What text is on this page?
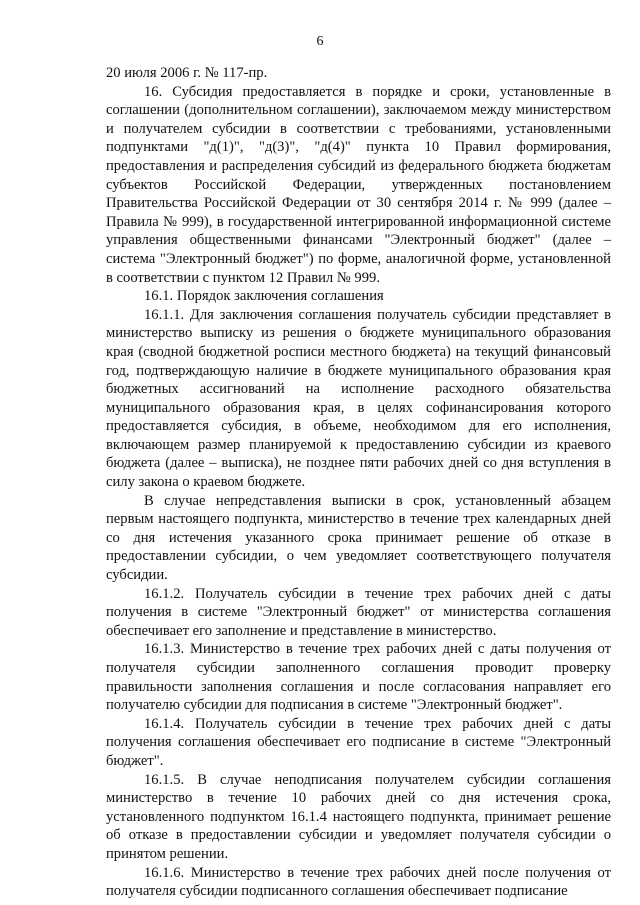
6

20 июля 2006 г. № 117-пр.

16. Субсидия предоставляется в порядке и сроки, установленные в соглашении (дополнительном соглашении), заключаемом между министерством и получателем субсидии в соответствии с требованиями, установленными подпунктами "д(1)", "д(3)", "д(4)" пункта 10 Правил формирования, предоставления и распределения субсидий из федерального бюджета бюджетам субъектов Российской Федерации, утвержденных постановлением Правительства Российской Федерации от 30 сентября 2014 г. № 999 (далее – Правила № 999), в государственной интегрированной информационной системе управления общественными финансами "Электронный бюджет" (далее – система "Электронный бюджет") по форме, аналогичной форме, установленной в соответствии с пунктом 12 Правил № 999.

16.1. Порядок заключения соглашения

16.1.1. Для заключения соглашения получатель субсидии представляет в министерство выписку из решения о бюджете муниципального образования края (сводной бюджетной росписи местного бюджета) на текущий финансовый год, подтверждающую наличие в бюджете муниципального образования края бюджетных ассигнований на исполнение расходного обязательства муниципального образования края, в целях софинансирования которого предоставляется субсидия, в объеме, необходимом для его исполнения, включающем размер планируемой к предоставлению субсидии из краевого бюджета (далее – выписка), не позднее пяти рабочих дней со дня вступления в силу закона о краевом бюджете.

В случае непредставления выписки в срок, установленный абзацем первым настоящего подпункта, министерство в течение трех календарных дней со дня истечения указанного срока принимает решение об отказе в предоставлении субсидии, о чем уведомляет соответствующего получателя субсидии.

16.1.2. Получатель субсидии в течение трех рабочих дней с даты получения в системе "Электронный бюджет" от министерства соглашения обеспечивает его заполнение и представление в министерство.

16.1.3. Министерство в течение трех рабочих дней с даты получения от получателя субсидии заполненного соглашения проводит проверку правильности заполнения соглашения и после согласования направляет его получателю субсидии для подписания в системе "Электронный бюджет".

16.1.4. Получатель субсидии в течение трех рабочих дней с даты получения соглашения обеспечивает его подписание в системе "Электронный бюджет".

16.1.5. В случае неподписания получателем субсидии соглашения министерство в течение 10 рабочих дней со дня истечения срока, установленного подпунктом 16.1.4 настоящего подпункта, принимает решение об отказе в предоставлении субсидии и уведомляет получателя субсидии о принятом решении.

16.1.6. Министерство в течение трех рабочих дней после получения от получателя субсидии подписанного соглашения обеспечивает подписание
